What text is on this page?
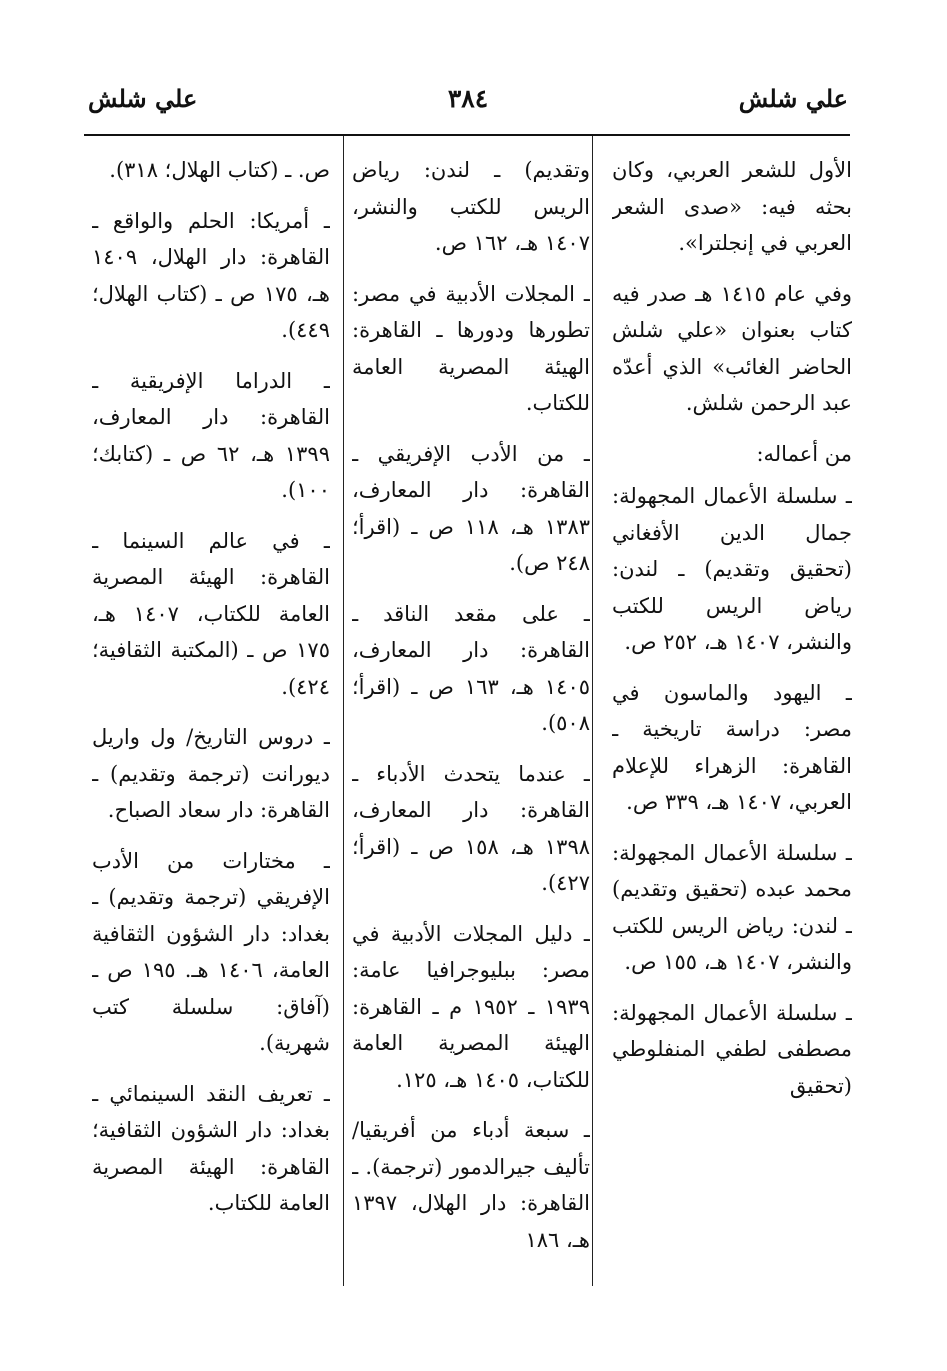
علي شلش
٣٨٤
علي شلش

الأول للشعر العربي، وكان بحثه فيه: «صدى الشعر العربي في إنجلترا».

وفي عام ١٤١٥ هـ صدر فيه كتاب بعنوان «علي شلش الحاضر الغائب» الذي أعدّه عبد الرحمن شلش.

من أعماله:

ـ سلسلة الأعمال المجهولة: جمال الدين الأفغاني (تحقيق وتقديم) ـ لندن: رياض الريس للكتب والنشر، ١٤٠٧ هـ، ٢٥٢ ص.

ـ اليهود والماسون في مصر: دراسة تاريخية ـ القاهرة: الزهراء للإعلام العربي، ١٤٠٧ هـ، ٣٣٩ ص.

ـ سلسلة الأعمال المجهولة: محمد عبده (تحقيق وتقديم) ـ لندن: رياض الريس للكتب والنشر، ١٤٠٧ هـ، ١٥٥ ص.

ـ سلسلة الأعمال المجهولة: مصطفى لطفي المنفلوطي (تحقيق

وتقديم) ـ لندن: رياض الريس للكتب والنشر، ١٤٠٧ هـ، ١٦٢ ص.

ـ المجلات الأدبية في مصر: تطورها ودورها ـ القاهرة: الهيئة المصرية العامة للكتاب.

ـ من الأدب الإفريقي ـ القاهرة: دار المعارف، ١٣٨٣ هـ، ١١٨ ص ـ (اقرأ؛ ٢٤٨ ص).

ـ على مقعد الناقد ـ القاهرة: دار المعارف، ١٤٠٥ هـ، ١٦٣ ص ـ (اقرأ؛ ٥٠٨).

ـ عندما يتحدث الأدباء ـ القاهرة: دار المعارف، ١٣٩٨ هـ، ١٥٨ ص ـ (اقرأ؛ ٤٢٧).

ـ دليل المجلات الأدبية في مصر: ببليوجرافيا عامة: ١٩٣٩ ـ ١٩٥٢ م ـ القاهرة: الهيئة المصرية العامة للكتاب، ١٤٠٥ هـ، ١٢٥.

ـ سبعة أدباء من أفريقيا/ تأليف جيرالدمور (ترجمة). ـ القاهرة: دار الهلال، ١٣٩٧ هـ، ١٨٦

ص. ـ (كتاب الهلال؛ ٣١٨).

ـ أمريكا: الحلم والواقع ـ القاهرة: دار الهلال، ١٤٠٩ هـ، ١٧٥ ص ـ (كتاب الهلال؛ ٤٤٩).

ـ الدراما الإفريقية ـ القاهرة: دار المعارف، ١٣٩٩ هـ، ٦٢ ص ـ (كتابك؛ ١٠٠).

ـ في عالم السينما ـ القاهرة: الهيئة المصرية العامة للكتاب، ١٤٠٧ هـ، ١٧٥ ص ـ (المكتبة الثقافية؛ ٤٢٤).

ـ دروس التاريخ/ ول واريل ديورانت (ترجمة وتقديم) ـ القاهرة: دار سعاد الصباح.

ـ مختارات من الأدب الإفريقي (ترجمة وتقديم) ـ بغداد: دار الشؤون الثقافية العامة، ١٤٠٦ هـ. ١٩٥ ص ـ (آفاق: سلسلة كتب شهرية).

ـ تعريف النقد السينمائي ـ بغداد: دار الشؤون الثقافية؛ القاهرة: الهيئة المصرية العامة للكتاب.
